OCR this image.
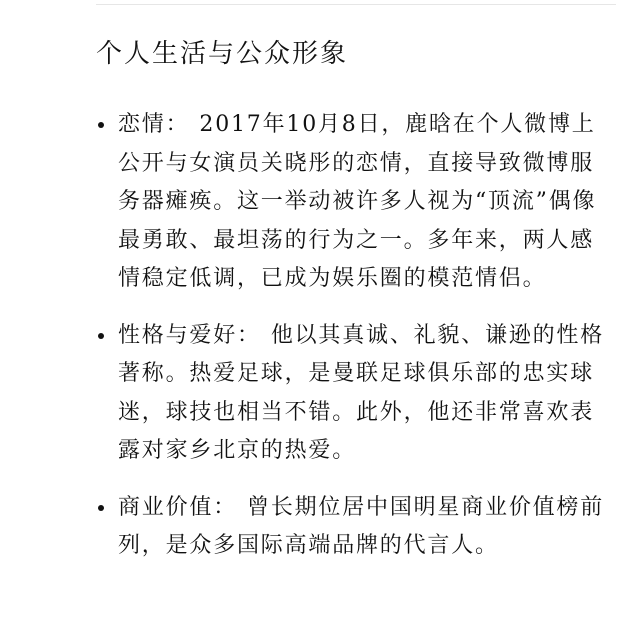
个人生活与公众形象
恋情： 2017年10月8日，鹿晗在个人微博上公开与女演员关晓彤的恋情，直接导致微博服务器瘫痪。这一举动被许多人视为“顶流”偶像最勇敢、最坦荡的行为之一。多年来，两人感情稳定低调，已成为娱乐圈的模范情侣。
性格与爱好： 他以其真诚、礼貌、谦逊的性格著称。热爱足球，是曼联足球俱乐部的忠实球迷，球技也相当不错。此外，他还非常喜欢表露对家乡北京的热爱。
商业价值： 曾长期位居中国明星商业价值榜前列，是众多国际高端品牌的代言人。
